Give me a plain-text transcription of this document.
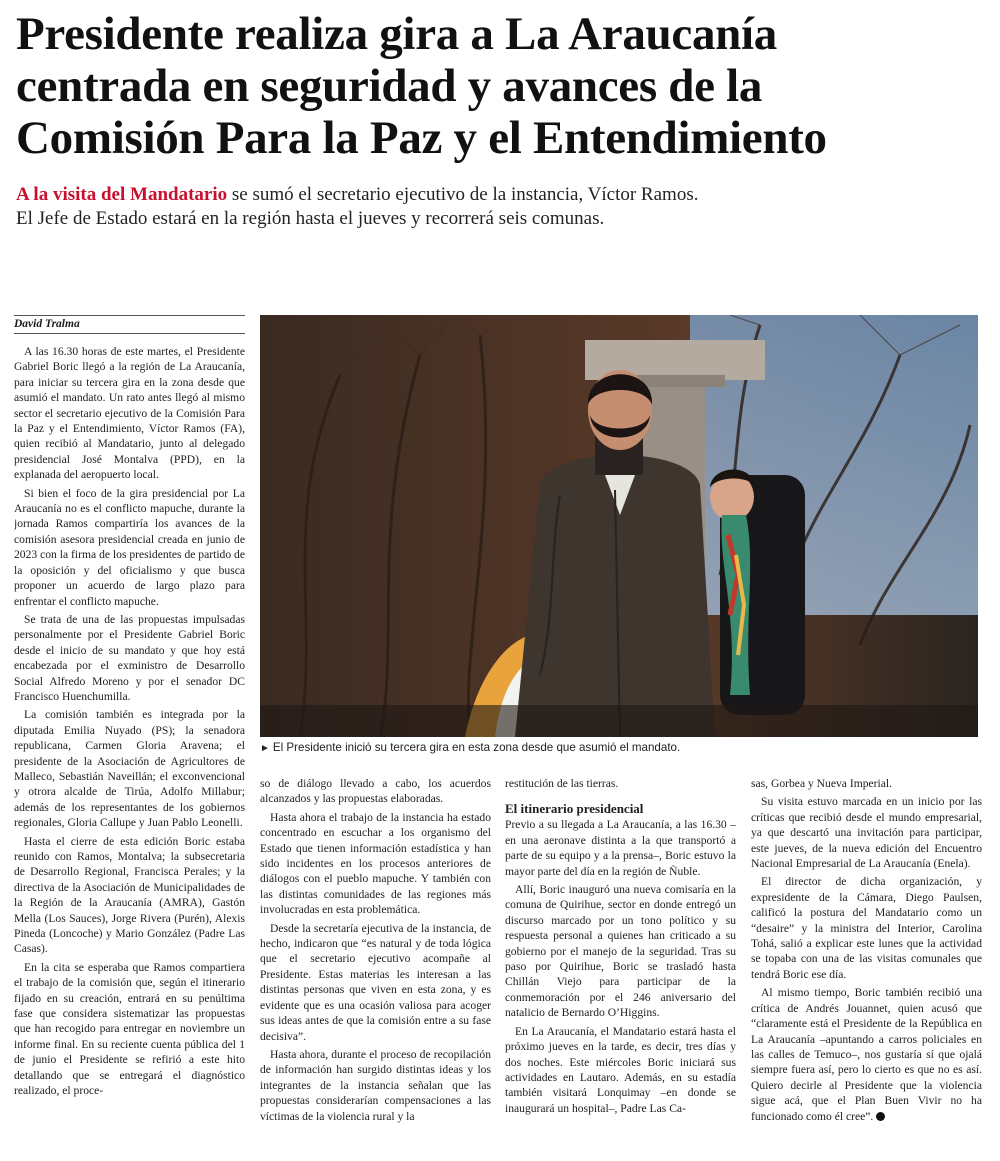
Presidente realiza gira a La Araucanía
centrada en seguridad y avances de la
Comisión Para la Paz y el Entendimiento
A la visita del Mandatario se sumó el secretario ejecutivo de la instancia, Víctor Ramos.
El Jefe de Estado estará en la región hasta el jueves y recorrerá seis comunas.
David Tralma

A las 16.30 horas de este martes, el Presidente Gabriel Boric llegó a la región de La Araucanía, para iniciar su tercera gira en la zona desde que asumió el mandato. Un rato antes llegó al mismo sector el secretario ejecutivo de la Comisión Para la Paz y el Entendimiento, Víctor Ramos (FA), quien recibió al Mandatario, junto al delegado presidencial José Montalva (PPD), en la explanada del aeropuerto local.

Si bien el foco de la gira presidencial por La Araucanía no es el conflicto mapuche, durante la jornada Ramos compartiría los avances de la comisión asesora presidencial creada en junio de 2023 con la firma de los presidentes de partido de la oposición y del oficialismo y que busca proponer un acuerdo de largo plazo para enfrentar el conflicto mapuche.

Se trata de una de las propuestas impulsadas personalmente por el Presidente Gabriel Boric desde el inicio de su mandato y que hoy está encabezada por el exministro de Desarrollo Social Alfredo Moreno y por el senador DC Francisco Huenchumilla.

La comisión también es integrada por la diputada Emilia Nuyado (PS); la senadora republicana, Carmen Gloria Aravena; el presidente de la Asociación de Agricultores de Malleco, Sebastián Naveillán; el exconvencional y otrora alcalde de Tirúa, Adolfo Millabur; además de los representantes de los gobiernos regionales, Gloria Callupe y Juan Pablo Leonelli.

Hasta el cierre de esta edición Boric estaba reunido con Ramos, Montalva; la subsecretaria de Desarrollo Regional, Francisca Perales; y la directiva de la Asociación de Municipalidades de la Región de la Araucanía (AMRA), Gastón Mella (Los Sauces), Jorge Rivera (Purén), Alexis Pineda (Loncoche) y Mario González (Padre Las Casas).

En la cita se esperaba que Ramos compartiera el trabajo de la comisión que, según el itinerario fijado en su creación, entrará en su penúltima fase que considera sistematizar las propuestas que han recogido para entregar en noviembre un informe final. En su reciente cuenta pública del 1 de junio el Presidente se refirió a este hito detallando que se entregará el diagnóstico realizado, el proce-

► El Presidente inició su tercera gira en esta zona desde que asumió el mandato.

so de diálogo llevado a cabo, los acuerdos alcanzados y las propuestas elaboradas.

Hasta ahora el trabajo de la instancia ha estado concentrado en escuchar a los organismo del Estado que tienen información estadística y han sido incidentes en los procesos anteriores de diálogos con el pueblo mapuche. Y también con las distintas comunidades de las regiones más involucradas en esta problemática.

Desde la secretaría ejecutiva de la instancia, de hecho, indicaron que “es natural y de toda lógica que el secretario ejecutivo acompañe al Presidente. Estas materias les interesan a las distintas personas que viven en esta zona, y es evidente que es una ocasión valiosa para acoger sus ideas antes de que la comisión entre a su fase decisiva”.

Hasta ahora, durante el proceso de recopilación de información han surgido distintas ideas y los integrantes de la instancia señalan que las propuestas considerarían compensaciones a las víctimas de la violencia rural y la

restitución de las tierras.

El itinerario presidencial

Previo a su llegada a La Araucanía, a las 16.30 –en una aeronave distinta a la que transportó a parte de su equipo y a la prensa–, Boric estuvo la mayor parte del día en la región de Ñuble.

Allí, Boric inauguró una nueva comisaría en la comuna de Quirihue, sector en donde entregó un discurso marcado por un tono político y su respuesta personal a quienes han criticado a su gobierno por el manejo de la seguridad. Tras su paso por Quirihue, Boric se trasladó hasta Chillán Viejo para participar de la conmemoración por el 246 aniversario del natalicio de Bernardo O’Higgins.

En La Araucanía, el Mandatario estará hasta el próximo jueves en la tarde, es decir, tres días y dos noches. Este miércoles Boric iniciará sus actividades en Lautaro. Además, en su estadía también visitará Lonquimay –en donde se inaugurará un hospital–, Padre Las Ca-

sas, Gorbea y Nueva Imperial.

Su visita estuvo marcada en un inicio por las críticas que recibió desde el mundo empresarial, ya que descartó una invitación para participar, este jueves, de la nueva edición del Encuentro Nacional Empresarial de La Araucanía (Enela).

El director de dicha organización, y expresidente de la Cámara, Diego Paulsen, calificó la postura del Mandatario como un “desaire” y la ministra del Interior, Carolina Tohá, salió a explicar este lunes que la actividad se topaba con una de las visitas comunales que tendrá Boric ese día.

Al mismo tiempo, Boric también recibió una crítica de Andrés Jouannet, quien acusó que “claramente está el Presidente de la República en La Araucanía –apuntando a carros policiales en las calles de Temuco–, nos gustaría sí que ojalá siempre fuera así, pero lo cierto es que no es así. Quiero decirle al Presidente que la violencia sigue acá, que el Plan Buen Vivir no ha funcionado como él cree”.
